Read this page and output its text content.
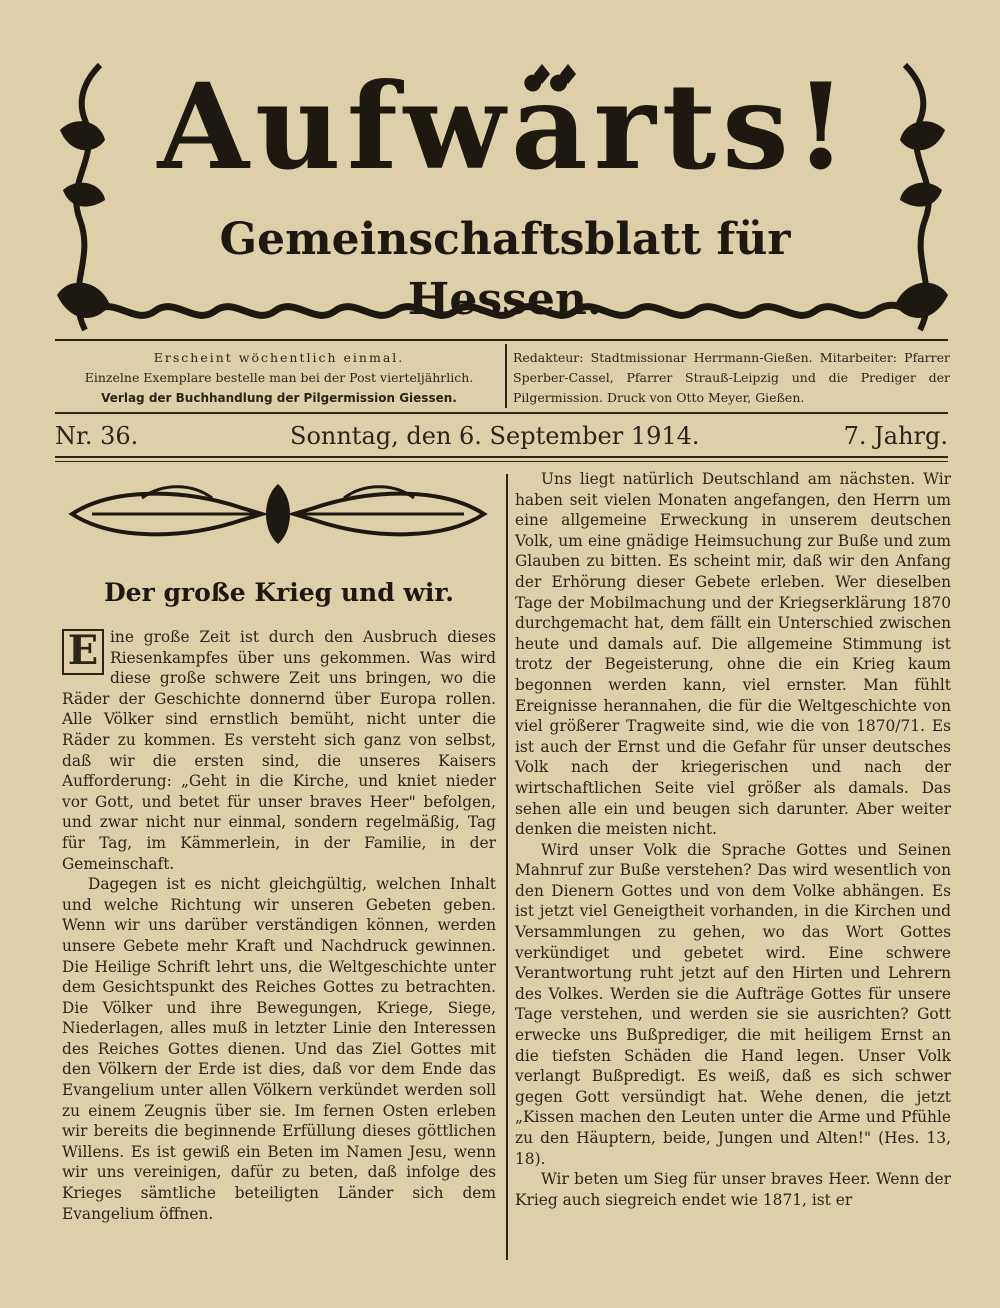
Aufwärts!
Gemeinschaftsblatt für Hessen.
Erscheint wöchentlich einmal.
Einzelne Exemplare bestelle man bei der Post vierteljährlich.
Verlag der Buchhandlung der Pilgermission Giessen.
Redakteur: Stadtmissionar Herrmann-Gießen. Mitarbeiter: Pfarrer Sperber-Cassel, Pfarrer Strauß-Leipzig und die Prediger der Pilgermission. Druck von Otto Meyer, Gießen.
Nr. 36.	Sonntag, den 6. September 1914.	7. Jahrg.
Der große Krieg und wir.

E ine große Zeit ist durch den Ausbruch dieses Riesenkampfes über uns gekommen. Was wird diese große schwere Zeit uns bringen, wo die Räder der Geschichte donnernd über Europa rollen. Alle Völker sind ernstlich bemüht, nicht unter die Räder zu kommen. Es versteht sich ganz von selbst, daß wir die ersten sind, die unseres Kaisers Aufforderung: „Geht in die Kirche, und kniet nieder vor Gott, und betet für unser braves Heer" befolgen, und zwar nicht nur einmal, sondern regelmäßig, Tag für Tag, im Kämmerlein, in der Familie, in der Gemeinschaft.

Dagegen ist es nicht gleichgültig, welchen Inhalt und welche Richtung wir unseren Gebeten geben. Wenn wir uns darüber verständigen können, werden unsere Gebete mehr Kraft und Nachdruck gewinnen. Die Heilige Schrift lehrt uns, die Weltgeschichte unter dem Gesichtspunkt des Reiches Gottes zu betrachten. Die Völker und ihre Bewegungen, Kriege, Siege, Niederlagen, alles muß in letzter Linie den Interessen des Reiches Gottes dienen. Und das Ziel Gottes mit den Völkern der Erde ist dies, daß vor dem Ende das Evangelium unter allen Völkern verkündet werden soll zu einem Zeugnis über sie. Im fernen Osten erleben wir bereits die beginnende Erfüllung dieses göttlichen Willens. Es ist gewiß ein Beten im Namen Jesu, wenn wir uns vereinigen, dafür zu beten, daß infolge des Krieges sämtliche beteiligten Länder sich dem Evangelium öffnen.

Uns liegt natürlich Deutschland am nächsten. Wir haben seit vielen Monaten angefangen, den Herrn um eine allgemeine Erweckung in unserem deutschen Volk, um eine gnädige Heimsuchung zur Buße und zum Glauben zu bitten. Es scheint mir, daß wir den Anfang der Erhörung dieser Gebete erleben. Wer dieselben Tage der Mobilmachung und der Kriegserklärung 1870 durchgemacht hat, dem fällt ein Unterschied zwischen heute und damals auf. Die allgemeine Stimmung ist trotz der Begeisterung, ohne die ein Krieg kaum begonnen werden kann, viel ernster. Man fühlt Ereignisse herannahen, die für die Weltgeschichte von viel größerer Tragweite sind, wie die von 1870/71. Es ist auch der Ernst und die Gefahr für unser deutsches Volk nach der kriegerischen und nach der wirtschaftlichen Seite viel größer als damals. Das sehen alle ein und beugen sich darunter. Aber weiter denken die meisten nicht.

Wird unser Volk die Sprache Gottes und Seinen Mahnruf zur Buße verstehen? Das wird wesentlich von den Dienern Gottes und von dem Volke abhängen. Es ist jetzt viel Geneigtheit vorhanden, in die Kirchen und Versammlungen zu gehen, wo das Wort Gottes verkündiget und gebetet wird. Eine schwere Verantwortung ruht jetzt auf den Hirten und Lehrern des Volkes. Werden sie die Aufträge Gottes für unsere Tage verstehen, und werden sie sie ausrichten? Gott erwecke uns Bußprediger, die mit heiligem Ernst an die tiefsten Schäden die Hand legen. Unser Volk verlangt Bußpredigt. Es weiß, daß es sich schwer gegen Gott versündigt hat. Wehe denen, die jetzt „Kissen machen den Leuten unter die Arme und Pfühle zu den Häuptern, beide, Jungen und Alten!" (Hes. 13, 18).

Wir beten um Sieg für unser braves Heer. Wenn der Krieg auch siegreich endet wie 1871, ist er
